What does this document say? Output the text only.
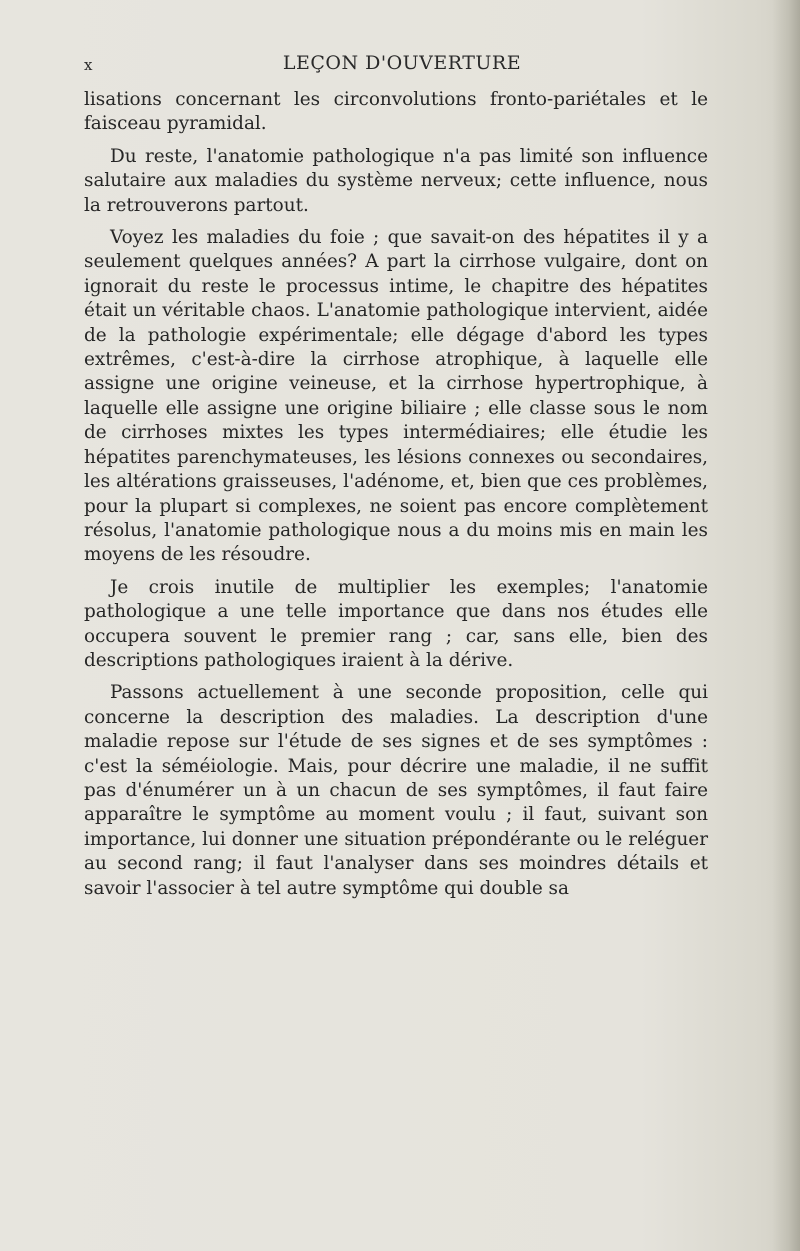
x	LEÇON D'OUVERTURE

lisations concernant les circonvolutions fronto-pariétales et le faisceau pyramidal.

Du reste, l'anatomie pathologique n'a pas limité son influence salutaire aux maladies du système nerveux; cette influence, nous la retrouverons partout.

Voyez les maladies du foie ; que savait-on des hépatites il y a seulement quelques années? A part la cirrhose vulgaire, dont on ignorait du reste le processus intime, le chapitre des hépatites était un véritable chaos. L'anatomie pathologique intervient, aidée de la pathologie expérimentale; elle dégage d'abord les types extrêmes, c'est-à-dire la cirrhose atrophique, à laquelle elle assigne une origine veineuse, et la cirrhose hypertrophique, à laquelle elle assigne une origine biliaire ; elle classe sous le nom de cirrhoses mixtes les types intermédiaires; elle étudie les hépatites parenchymateuses, les lésions connexes ou secondaires, les altérations graisseuses, l'adénome, et, bien que ces problèmes, pour la plupart si complexes, ne soient pas encore complètement résolus, l'anatomie pathologique nous a du moins mis en main les moyens de les résoudre.

Je crois inutile de multiplier les exemples; l'anatomie pathologique a une telle importance que dans nos études elle occupera souvent le premier rang ; car, sans elle, bien des descriptions pathologiques iraient à la dérive.

Passons actuellement à une seconde proposition, celle qui concerne la description des maladies. La description d'une maladie repose sur l'étude de ses signes et de ses symptômes : c'est la séméiologie. Mais, pour décrire une maladie, il ne suffit pas d'énumérer un à un chacun de ses symptômes, il faut faire apparaître le symptôme au moment voulu ; il faut, suivant son importance, lui donner une situation prépondérante ou le reléguer au second rang; il faut l'analyser dans ses moindres détails et savoir l'associer à tel autre symptôme qui double sa
